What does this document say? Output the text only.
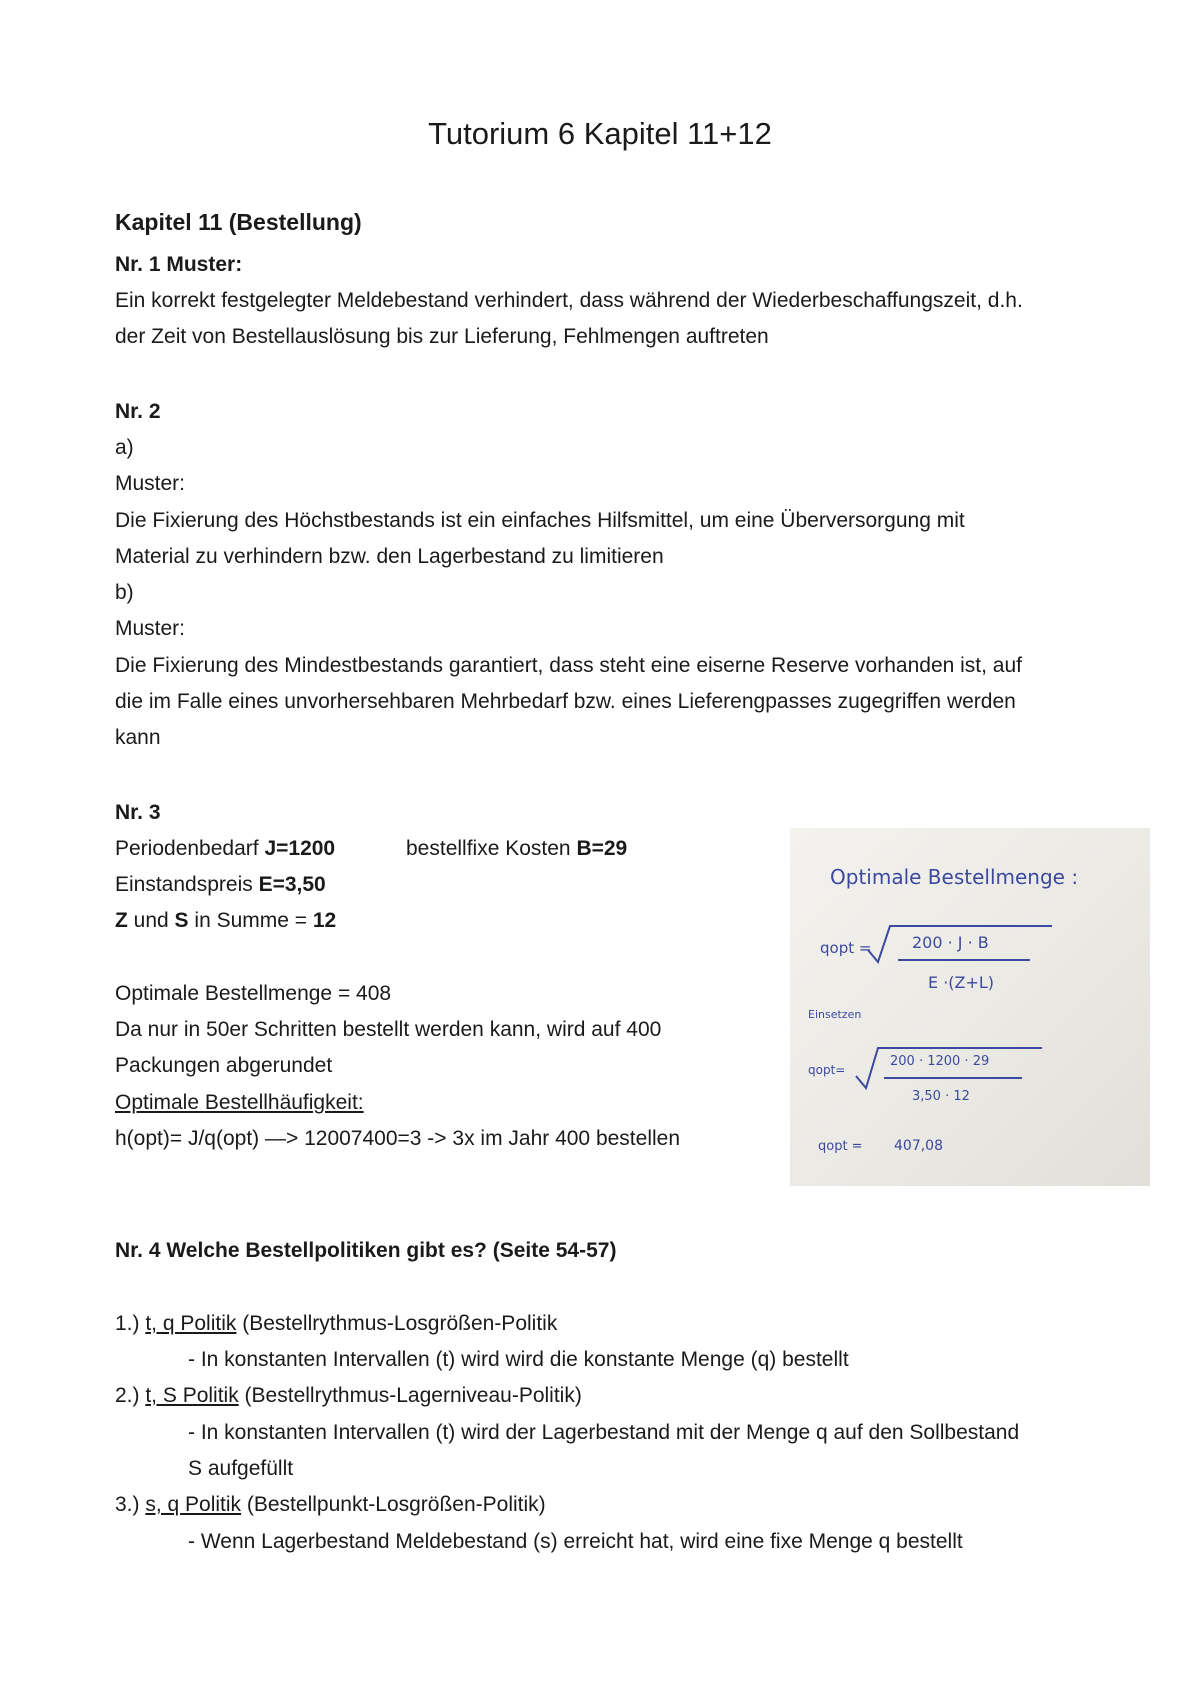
Tutorium 6 Kapitel 11+12
Kapitel 11 (Bestellung)
Nr. 1 Muster:
Ein korrekt festgelegter Meldebestand verhindert, dass während der Wiederbeschaffungszeit, d.h.
der Zeit von Bestellauslösung bis zur Lieferung, Fehlmengen auftreten
Nr. 2
a)
Muster:
Die Fixierung des Höchstbestands ist ein einfaches Hilfsmittel, um eine Überversorgung mit
Material zu verhindern bzw. den Lagerbestand zu limitieren
b)
Muster:
Die Fixierung des Mindestbestands garantiert, dass steht eine eiserne Reserve vorhanden ist, auf
die im Falle eines unvorhersehbaren Mehrbedarf bzw. eines Lieferengpasses zugegriffen werden
kann
Nr. 3
Periodenbedarf J=1200	bestellfixe Kosten B=29
Einstandspreis E=3,50
Z und S in Summe = 12
Optimale Bestellmenge = 408
Da nur in 50er Schritten bestellt werden kann, wird auf 400
Packungen abgerundet
Optimale Bestellhäufigkeit:
h(opt)= J/q(opt) —> 12007400=3 -> 3x im Jahr 400 bestellen
Optimale Bestellmenge :
qopt =	200 · J · B
E ·(Z+L)
Einsetzen
qopt=
200 · 1200 · 29
3,50 · 12
qopt = 407,08
Nr. 4 Welche Bestellpolitiken gibt es? (Seite 54-57)
1.) t, q Politik (Bestellrythmus-Losgrößen-Politik
- In konstanten Intervallen (t) wird wird die konstante Menge (q) bestellt
2.) t, S Politik (Bestellrythmus-Lagerniveau-Politik)
- In konstanten Intervallen (t) wird der Lagerbestand mit der Menge q auf den Sollbestand
S aufgefüllt
3.) s, q Politik (Bestellpunkt-Losgrößen-Politik)
- Wenn Lagerbestand Meldebestand (s) erreicht hat, wird eine fixe Menge q bestellt
